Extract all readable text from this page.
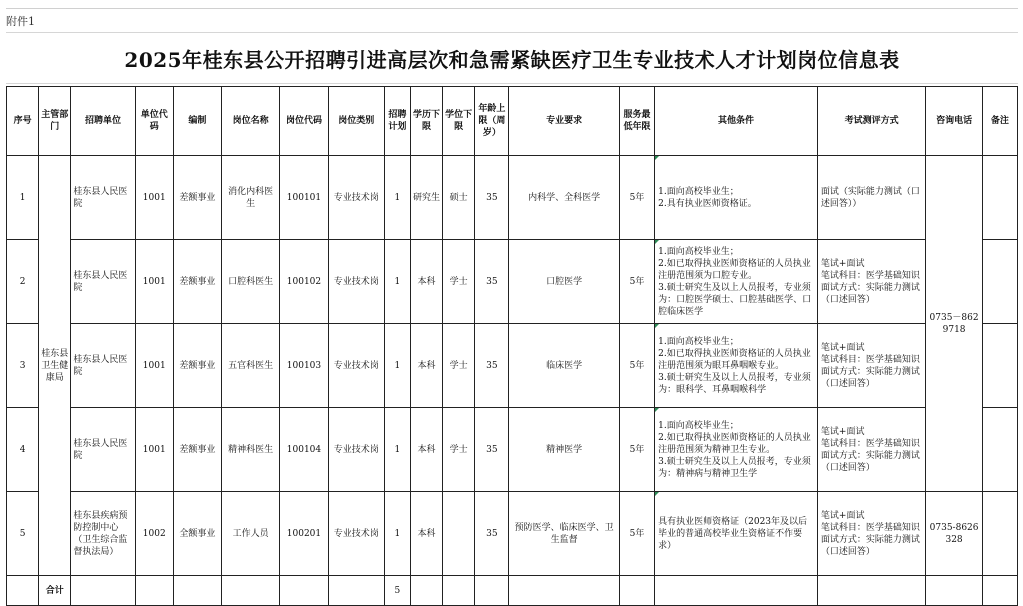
附件1
2025年桂东县公开招聘引进高层次和急需紧缺医疗卫生专业技术人才计划岗位信息表
序号	主管部门	招聘单位	单位代码	编制	岗位名称	岗位代码	岗位类别	招聘计划	学历下限	学位下限	年龄上限（周岁）	专业要求	服务最低年限	其他条件	考试测评方式	咨询电话	备注
1	桂东县卫生健康局	桂东县人民医院	1001	差额事业	消化内科医生	100101	专业技术岗	1	研究生	硕士	35	内科学、全科医学	5年	1.面向高校毕业生；
2.具有执业医师资格证。	面试（实际能力测试（口述回答））	0735－8629718	
2		桂东县人民医院	1001	差额事业	口腔科医生	100102	专业技术岗	1	本科	学士	35	口腔医学	5年	1.面向高校毕业生；
2.如已取得执业医师资格证的人员执业注册范围须为口腔专业。
3.硕士研究生及以上人员报考，专业须为：口腔医学硕士、口腔基础医学、口腔临床医学	笔试+面试
笔试科目：医学基础知识
面试方式：实际能力测试（口述回答）		

3		桂东县人民医院	1001	差额事业	五官科医生	100103	专业技术岗	1	本科	学士	35	临床医学	5年	1.面向高校毕业生；
2.如已取得执业医师资格证的人员执业注册范围须为眼耳鼻咽喉专业。
3.硕士研究生及以上人员报考，专业须为：眼科学、耳鼻咽喉科学	笔试+面试
笔试科目：医学基础知识
面试方式：实际能力测试（口述回答）		

4		桂东县人民医院	1001	差额事业	精神科医生	100104	专业技术岗	1	本科	学士	35	精神医学	5年	1.面向高校毕业生；
2.如已取得执业医师资格证的人员执业注册范围须为精神卫生专业。
3.硕士研究生及以上人员报考，专业须为：精神病与精神卫生学	笔试+面试
笔试科目：医学基础知识
面试方式：实际能力测试（口述回答）		

5		桂东县疾病预防控制中心（卫生综合监督执法局）	1002	全额事业	工作人员	100201	专业技术岗	1	本科		35	预防医学、临床医学、卫生监督	5年	具有执业医师资格证（2023年及以后毕业的普通高校毕业生资格证不作要求）	笔试+面试
笔试科目：医学基础知识
面试方式：实际能力测试（口述回答）	0735-8626328	
	合计							5									
